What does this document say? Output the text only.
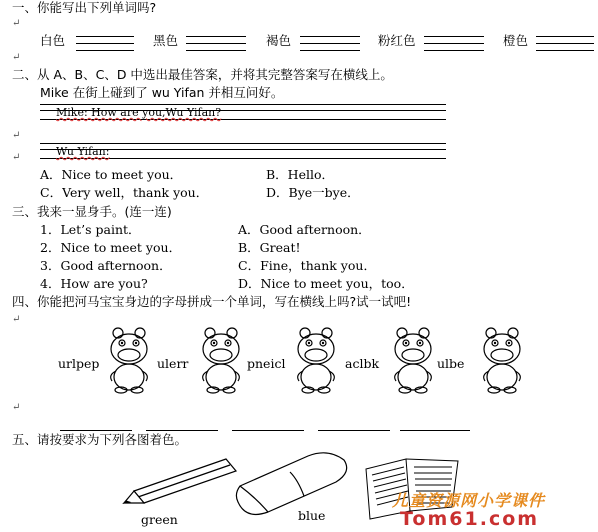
一、你能写出下列单词吗?
↵
白色	黑色	褐色	粉红色	橙色
↵
二、从 A、B、C、D 中选出最佳答案，并将其完整答案写在横线上。
Mike 在街上碰到了 wu Yifan 并相互问好。
Mike: How are you,Wu Yifan?
↵
Wu Yifan:
↵
A．Nice to meet you．	B．Hello．
C．Very well，thank you．	D．Bye一bye．
三、我来一显身手。(连一连)
1．Let’s paint．	A．Good afternoon．
2．Nice to meet you．	B．Great!
3．Good afternoon．	C．Fine，thank you．
4．How are you?	D．Nice to meet you，too．
四、你能把河马宝宝身边的字母拼成一个单词，写在横线上吗?试一试吧!
↵
urlpep	ulerr	pneicl	aclbk	ulbe
↵
五、请按要求为下列各图着色。
green	blue
儿童资源网小学课件
Tom61.com
